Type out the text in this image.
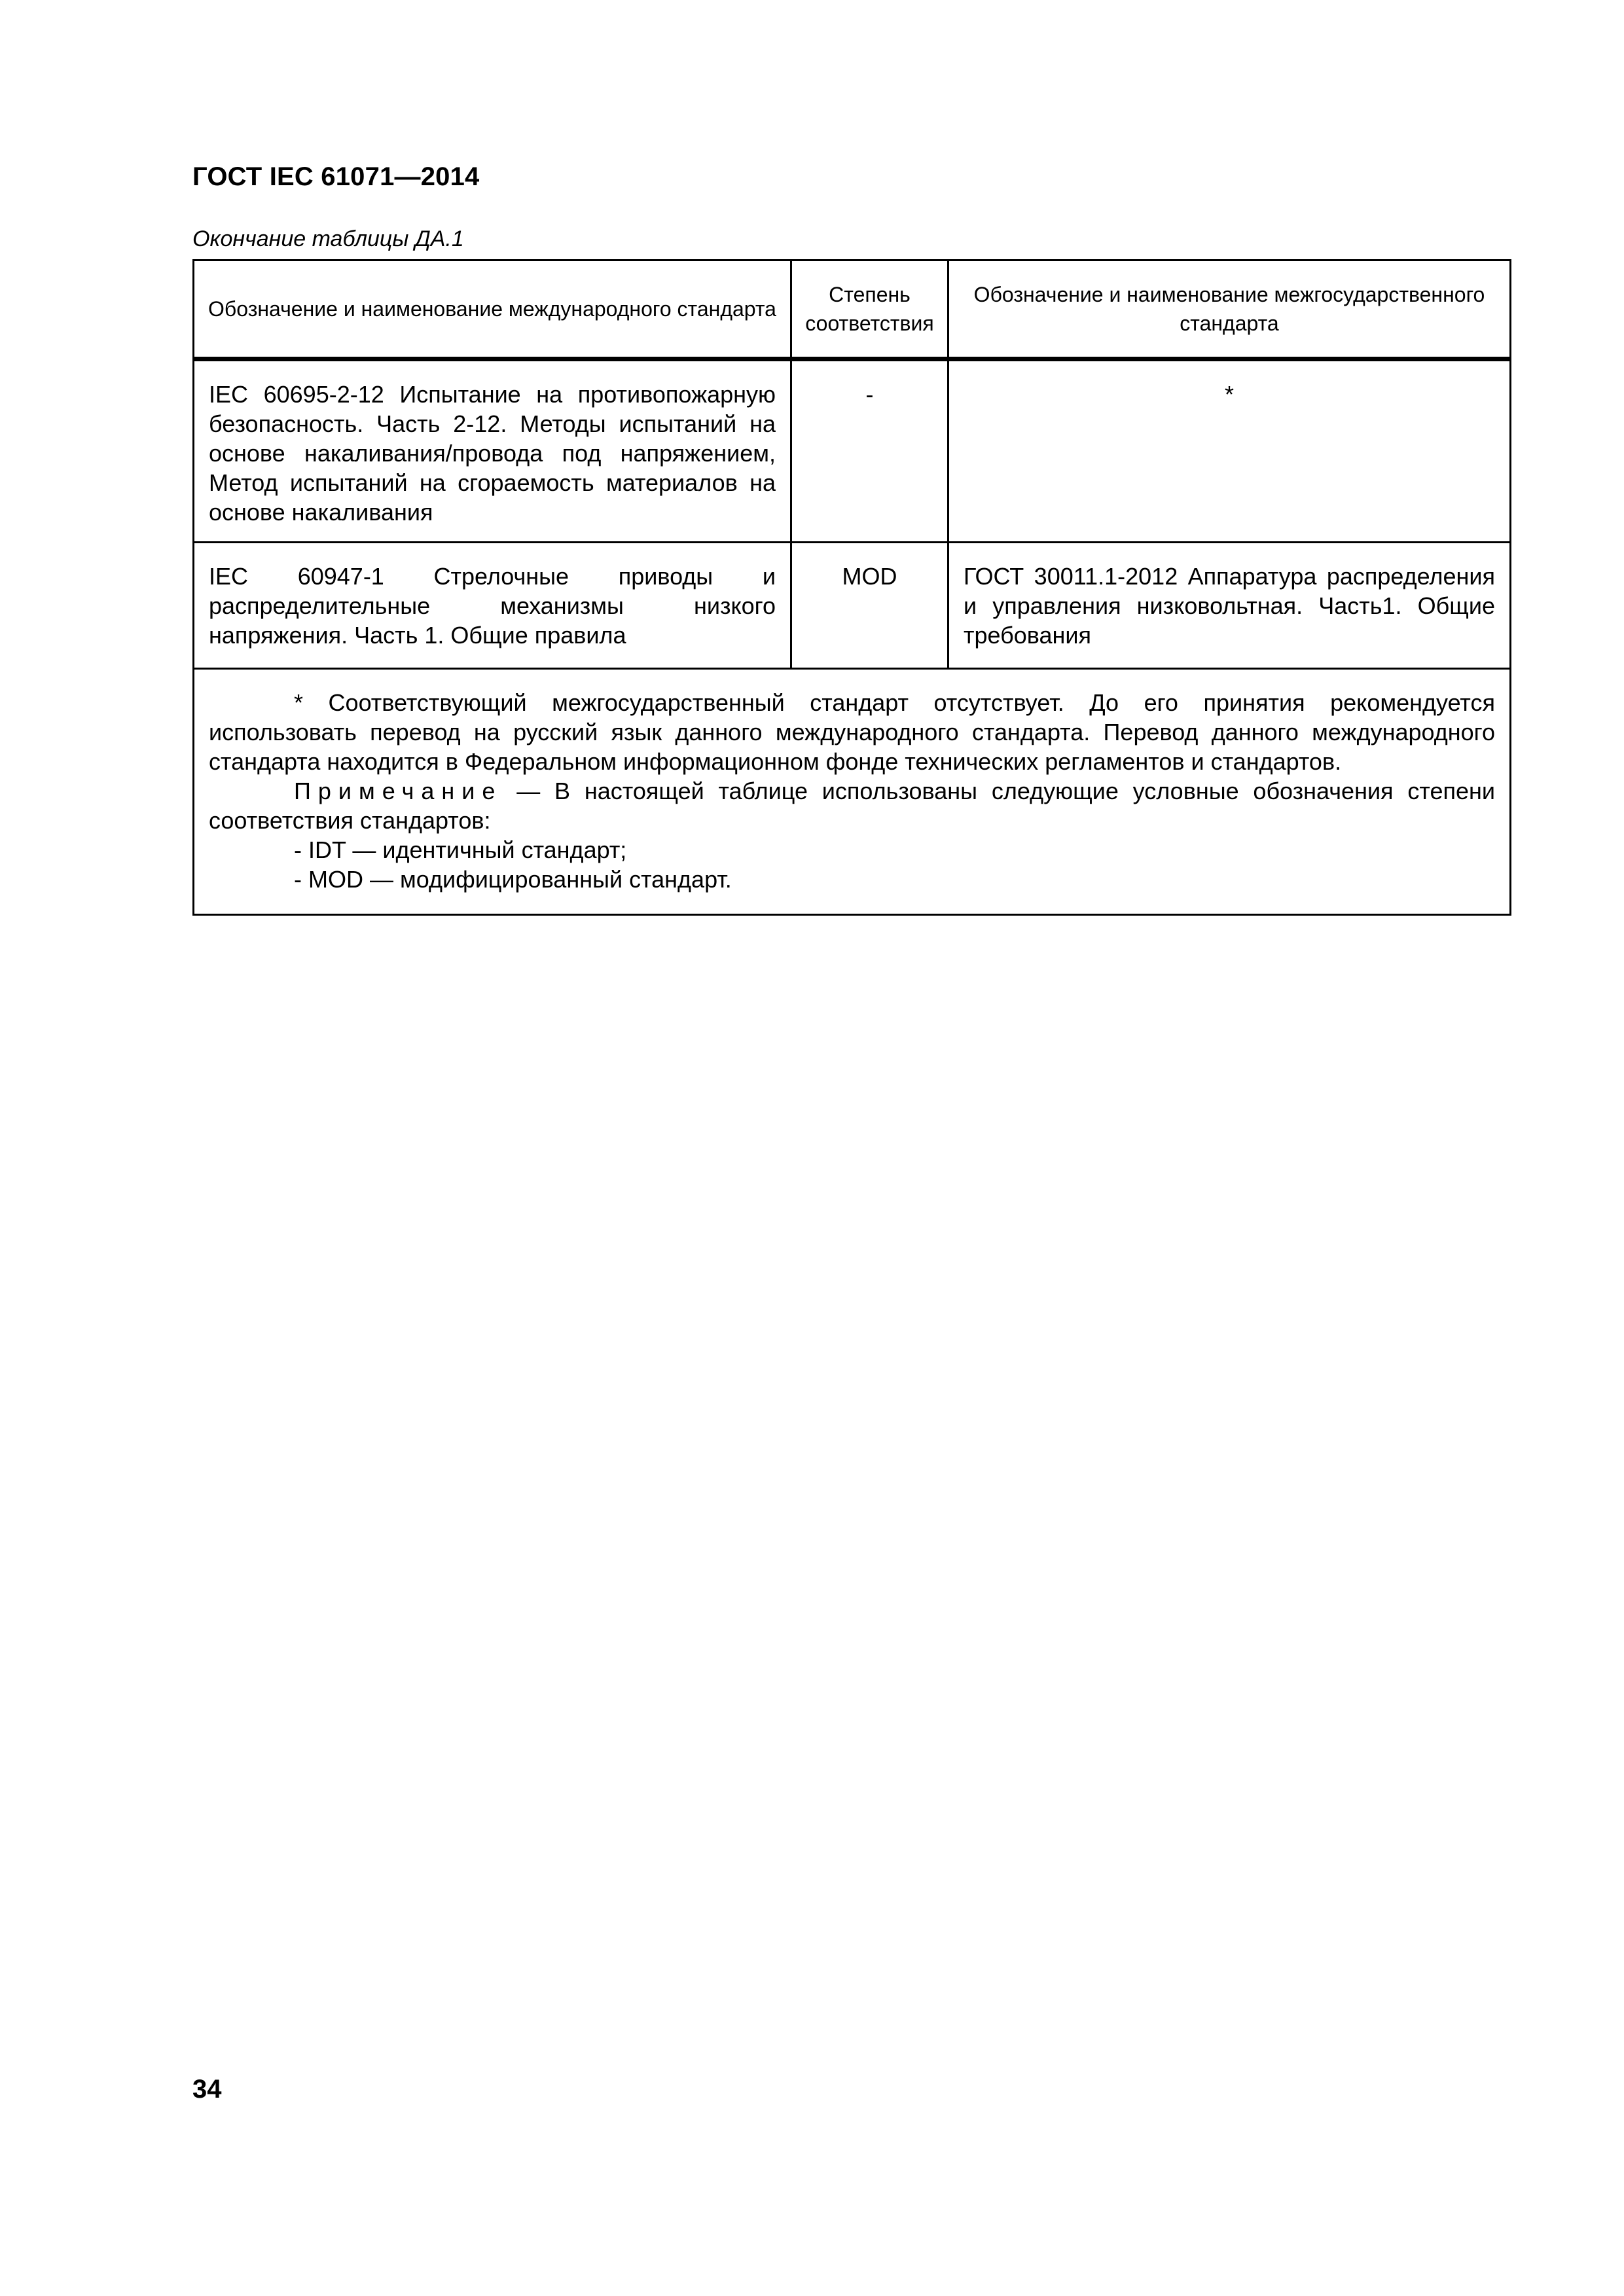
ГОСТ IEC 61071—2014
Окончание таблицы ДА.1
Обозначение и наименование международного стандарта	Степень соответствия	Обозначение и наименование межгосударственного стандарта
IEC 60695-2-12 Испытание на противопожарную безопасность. Часть 2-12. Методы испытаний на основе накаливания/провода под напряжением, Метод испытаний на сгораемость материалов на основе накаливания	-	*
IEC 60947-1 Стрелочные приводы и распределительные механизмы низкого напряжения. Часть 1. Общие правила	MOD	ГОСТ 30011.1-2012 Аппаратура распределения и управления низковольтная. Часть1. Общие требования

* Соответствующий межгосударственный стандарт отсутствует. До его принятия рекомендуется использовать перевод на русский язык данного международного стандарта. Перевод данного международного стандарта находится в Федеральном информационном фонде технических регламентов и стандартов.
Примечание — В настоящей таблице использованы следующие условные обозначения степени соответствия стандартов:
- IDT — идентичный стандарт;
- MOD — модифицированный стандарт.		
34
